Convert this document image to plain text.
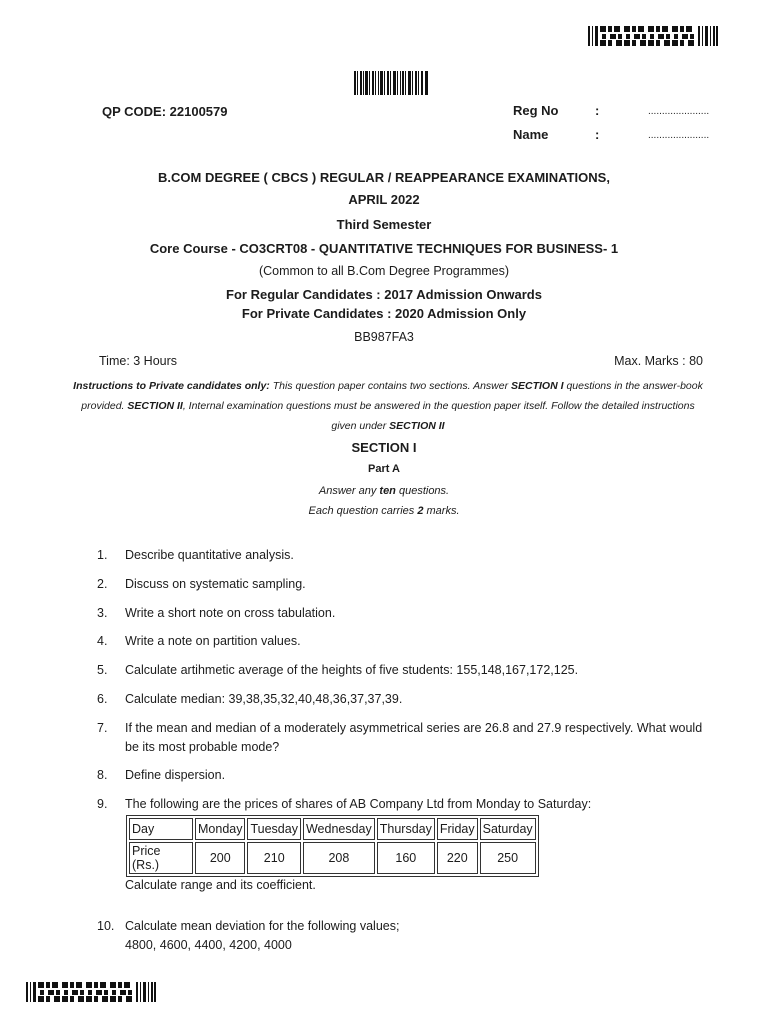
QP CODE: 22100579	Reg No	:	......................
Name	:	......................
B.COM DEGREE ( CBCS ) REGULAR / REAPPEARANCE EXAMINATIONS,
APRIL 2022
Third Semester
Core Course - CO3CRT08 - QUANTITATIVE TECHNIQUES FOR BUSINESS- 1
(Common to all B.Com Degree Programmes)
For Regular Candidates : 2017 Admission Onwards
For Private Candidates : 2020 Admission Only
BB987FA3
Time: 3 Hours	Max. Marks : 80
Instructions to Private candidates only: This question paper contains two sections. Answer SECTION I questions in the answer-book provided. SECTION II, Internal examination questions must be answered in the question paper itself. Follow the detailed instructions given under SECTION II
SECTION I
Part A
Answer any ten questions.
Each question carries 2 marks.
1. Describe quantitative analysis.
2. Discuss on systematic sampling.
3. Write a short note on cross tabulation.
4. Write a note on partition values.
5. Calculate artihmetic average of the heights of five students: 155,148,167,172,125.
6. Calculate median: 39,38,35,32,40,48,36,37,37,39.
7. If the mean and median of a moderately asymmetrical series are 26.8 and 27.9 respectively. What would be its most probable mode?
8. Define dispersion.
9. The following are the prices of shares of AB Company Ltd from Monday to Saturday:
Day	Monday	Tuesday	Wednesday	Thursday	Friday	Saturday
Price (Rs.)	200	210	208	160	220	250
Calculate range and its coefficient.
10. Calculate mean deviation for the following values;
4800, 4600, 4400, 4200, 4000
